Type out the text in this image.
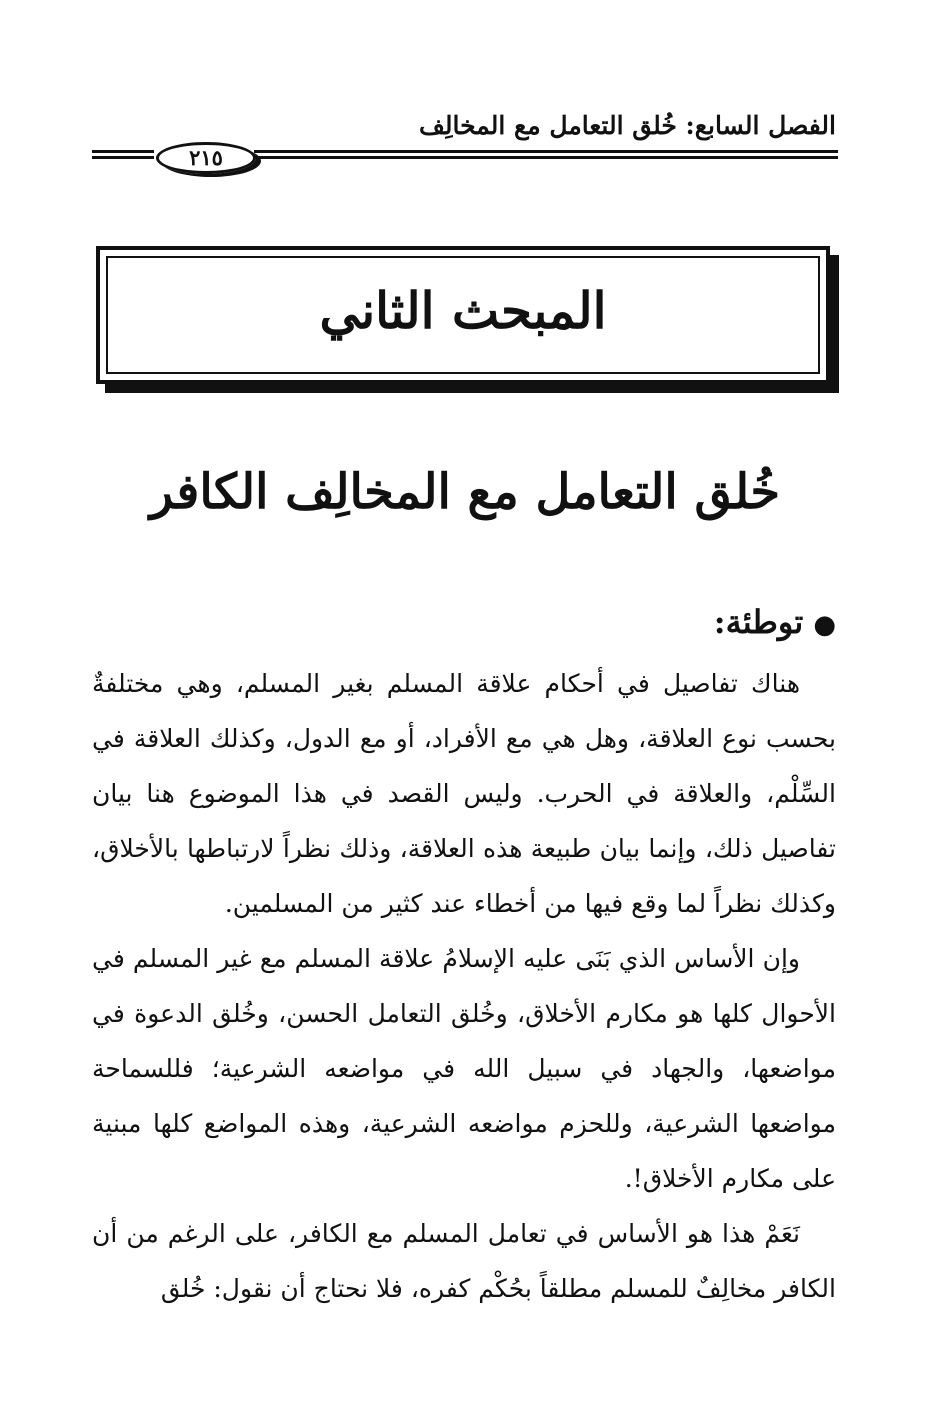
الفصل السابع: خُلق التعامل مع المخالِف
٢١٥
المبحث الثاني
خُلق التعامل مع المخالِف الكافر
●توطئة:

هناك تفاصيل في أحكام علاقة المسلم بغير المسلم، وهي مختلفةٌ بحسب نوع العلاقة، وهل هي مع الأفراد، أو مع الدول، وكذلك العلاقة في السِّلْم، والعلاقة في الحرب. وليس القصد في هذا الموضوع هنا بيان تفاصيل ذلك، وإنما بيان طبيعة هذه العلاقة، وذلك نظراً لارتباطها بالأخلاق، وكذلك نظراً لما وقع فيها من أخطاء عند كثير من المسلمين.

وإن الأساس الذي بَنَى عليه الإسلامُ علاقة المسلم مع غير المسلم في الأحوال كلها هو مكارم الأخلاق، وخُلق التعامل الحسن، وخُلق الدعوة في مواضعها، والجهاد في سبيل الله في مواضعه الشرعية؛ فللسماحة مواضعها الشرعية، وللحزم مواضعه الشرعية، وهذه المواضع كلها مبنية على مكارم الأخلاق!.

نَعَمْ هذا هو الأساس في تعامل المسلم مع الكافر، على الرغم من أن الكافر مخالِفٌ للمسلم مطلقاً بحُكْم كفره، فلا نحتاج أن نقول: خُلق
